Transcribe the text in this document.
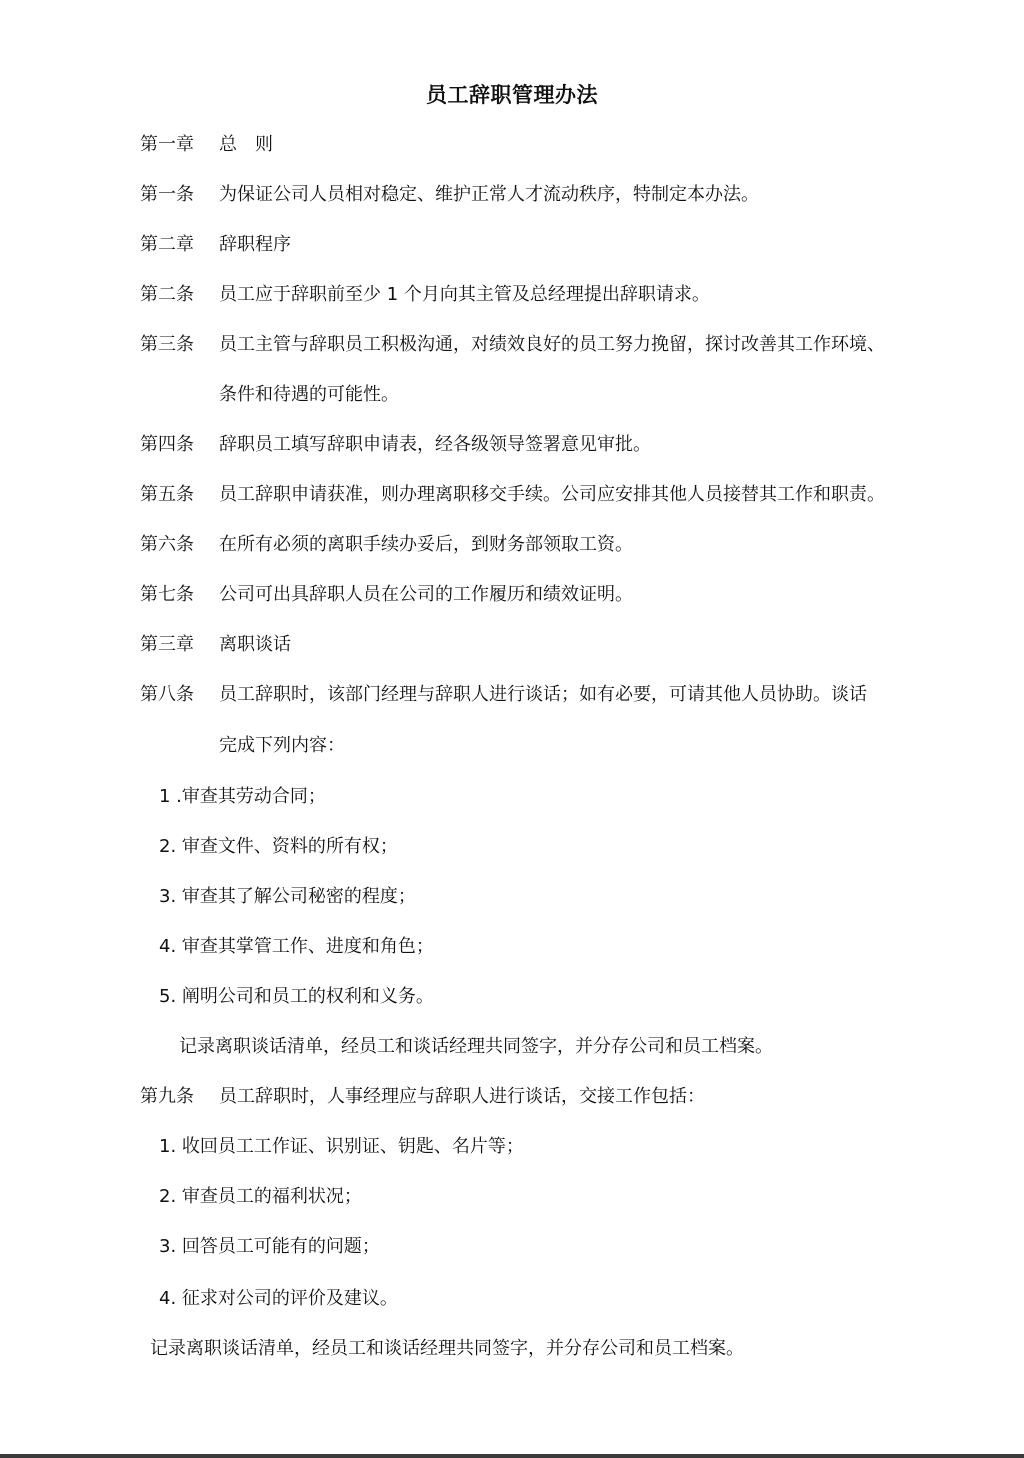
员工辞职管理办法
第一章 总　则
第一条 为保证公司人员相对稳定、维护正常人才流动秩序，特制定本办法。
第二章 辞职程序
第二条 员工应于辞职前至少 1 个月向其主管及总经理提出辞职请求。
第三条 员工主管与辞职员工积极沟通，对绩效良好的员工努力挽留，探讨改善其工作环境、
条件和待遇的可能性。
第四条 辞职员工填写辞职申请表，经各级领导签署意见审批。
第五条 员工辞职申请获准，则办理离职移交手续。公司应安排其他人员接替其工作和职责。
第六条 在所有必须的离职手续办妥后，到财务部领取工资。
第七条 公司可出具辞职人员在公司的工作履历和绩效证明。
第三章 离职谈话
第八条 员工辞职时，该部门经理与辞职人进行谈话；如有必要，可请其他人员协助。谈话
完成下列内容：
1 .审查其劳动合同；
2. 审查文件、资料的所有权；
3. 审查其了解公司秘密的程度；
4. 审查其掌管工作、进度和角色；
5. 阐明公司和员工的权利和义务。
记录离职谈话清单，经员工和谈话经理共同签字，并分存公司和员工档案。
第九条 员工辞职时，人事经理应与辞职人进行谈话，交接工作包括：
1. 收回员工工作证、识别证、钥匙、名片等；
2. 审查员工的福利状况；
3. 回答员工可能有的问题；
4. 征求对公司的评价及建议。
记录离职谈话清单，经员工和谈话经理共同签字，并分存公司和员工档案。
